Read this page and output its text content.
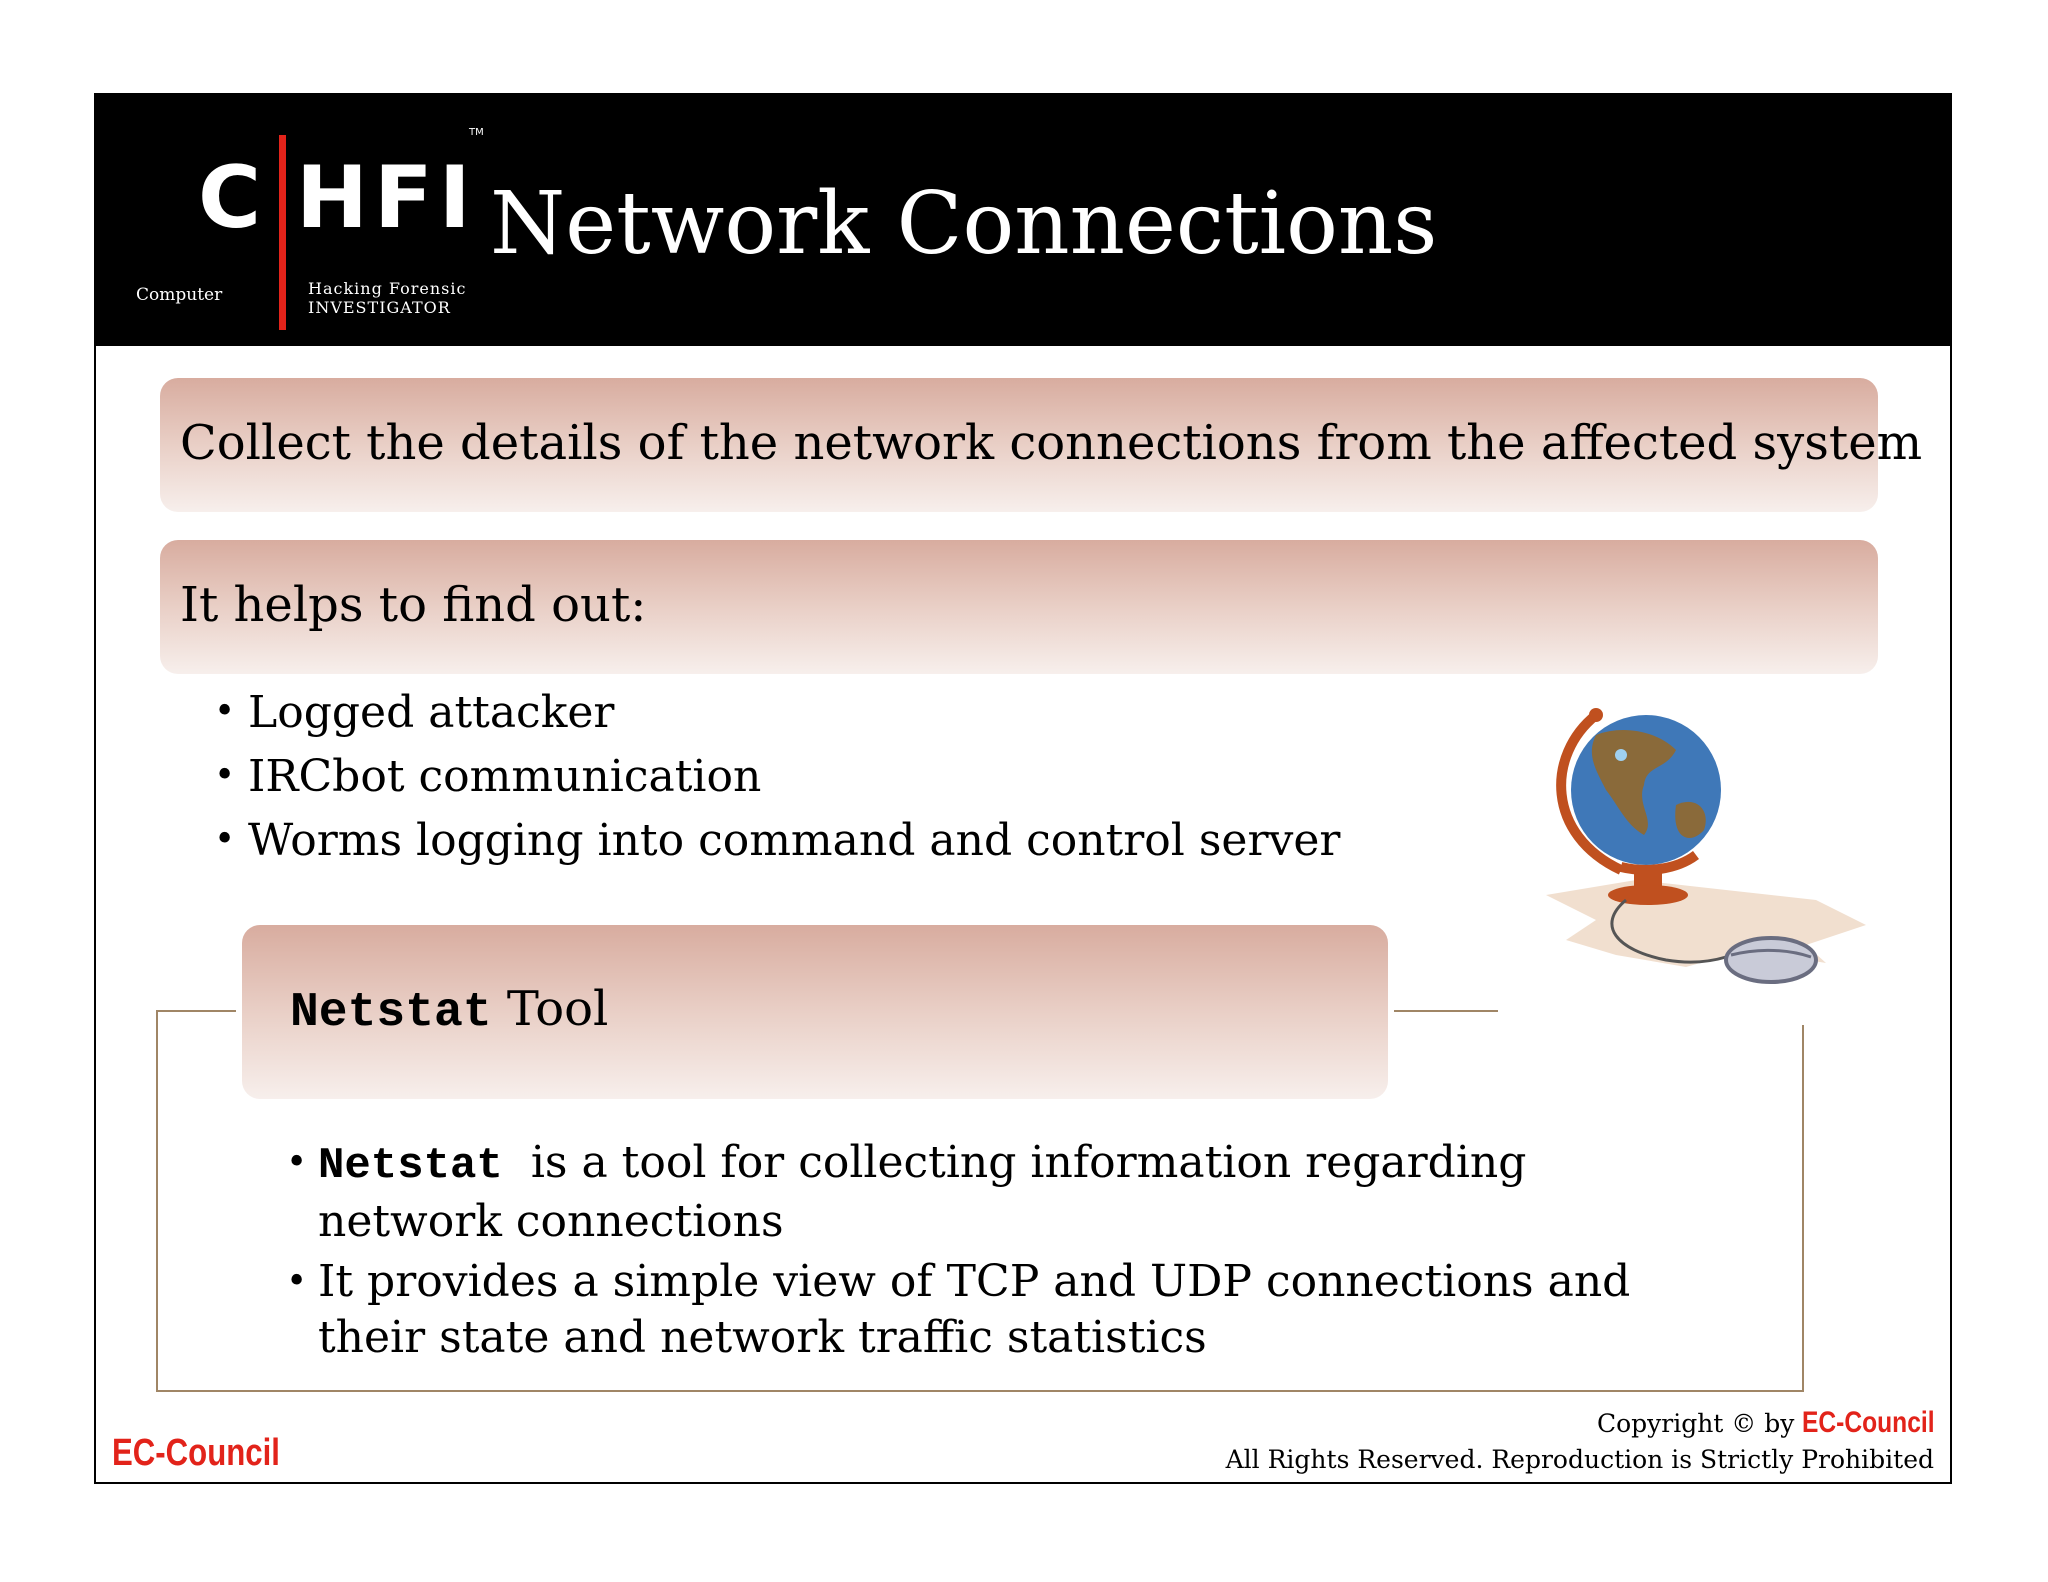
C HFI
TM
Computer	Hacking Forensic
INVESTIGATOR
Network Connections
Collect the details of the network connections from the affected system
It helps to find out:
• Logged attacker
• IRCbot communication
• Worms logging into command and control server
Netstat Tool
• Netstat is a tool for collecting information regarding network connections
• It provides a simple view of TCP and UDP connections and their state and network traffic statistics
EC-Council
Copyright © by EC-Council
All Rights Reserved. Reproduction is Strictly Prohibited
